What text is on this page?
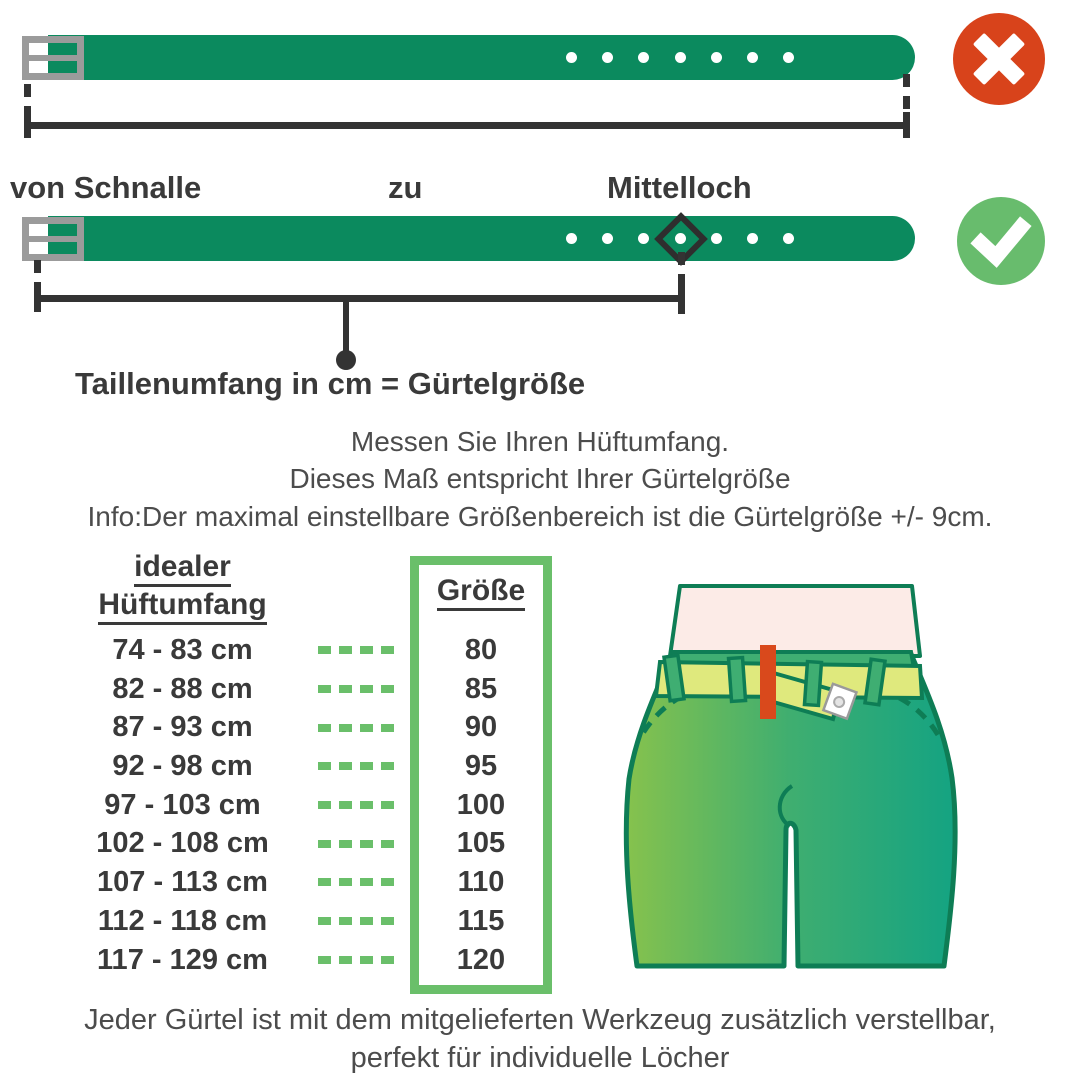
von Schnalle	zu	Mittelloch
Taillenumfang in cm = Gürtelgröße
Messen Sie Ihren Hüftumfang.
Dieses Maß entspricht Ihrer Gürtelgröße
Info:Der maximal einstellbare Größenbereich ist die Gürtelgröße +/- 9cm.
idealer
Hüftumfang
74 - 83 cm
82 - 88 cm
87 - 93 cm
92 - 98 cm
97 - 103 cm
102 - 108 cm
107 - 113 cm
112 - 118 cm
117 - 129 cm
Größe
80
85
90
95
100
105
110
115
120
Jeder Gürtel ist mit dem mitgelieferten Werkzeug zusätzlich verstellbar,
perfekt für individuelle Löcher
